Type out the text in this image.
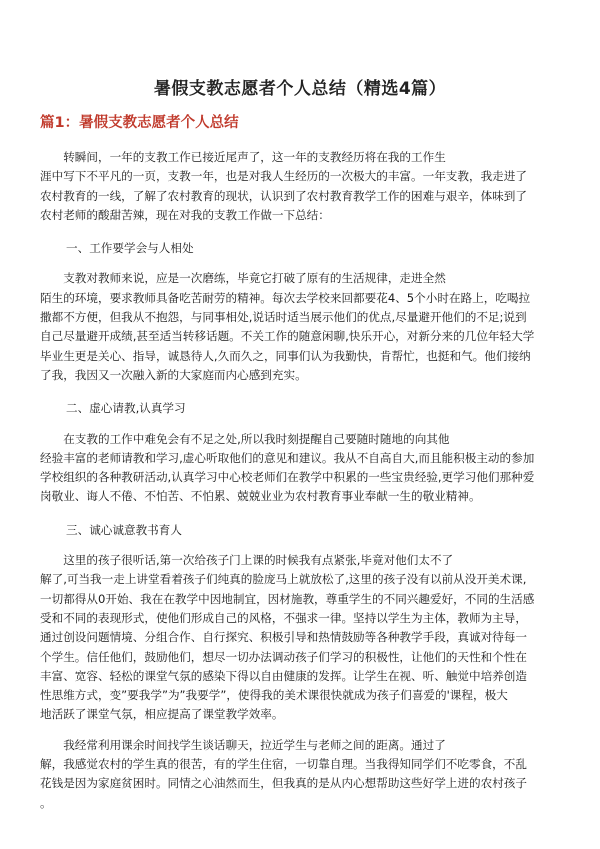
暑假支教志愿者个人总结（精选4篇）
篇1：暑假支教志愿者个人总结

　　转瞬间，一年的支教工作已接近尾声了，这一年的支教经历将在我的工作生
涯中写下不平凡的一页，支教一年，也是对我人生经历的一次极大的丰富。一年支教，我走进了
农村教育的一线，了解了农村教育的现状，认识到了农村教育教学工作的困难与艰辛，体味到了
农村老师的酸甜苦辣，现在对我的支教工作做一下总结：

一、工作要学会与人相处

　　支教对教师来说，应是一次磨练，毕竟它打破了原有的生活规律，走进全然
陌生的环境，要求教师具备吃苦耐劳的精神。每次去学校来回都要花4、5个小时在路上，吃喝拉
撒都不方便，但我从不抱怨，与同事相处,说话时适当展示他们的优点,尽量避开他们的不足;说到
自己尽量避开成绩,甚至适当转移话题。不关工作的随意闲聊,快乐开心，对新分来的几位年轻大学
毕业生更是关心、指导，诚恳待人,久而久之，同事们认为我勤快，肯帮忙，也挺和气。他们接纳
了我，我因又一次融入新的大家庭而内心感到充实。

二、虚心请教,认真学习

　　在支教的工作中难免会有不足之处,所以我时刻提醒自己要随时随地的向其他
经验丰富的老师请教和学习,虚心听取他们的意见和建议。我从不自高自大,而且能积极主动的参加
学校组织的各种教研活动,认真学习中心校老师们在教学中积累的一些宝贵经验,更学习他们那种爱
岗敬业、诲人不倦、不怕苦、不怕累、兢兢业业为农村教育事业奉献一生的敬业精神。

三、诚心诚意教书育人

　　这里的孩子很听话,第一次给孩子门上课的时候我有点紧张,毕竟对他们太不了
解了,可当我一走上讲堂看着孩子们纯真的脸庞马上就放松了,这里的孩子没有以前从没开美术课,
一切都得从0开始、我在在教学中因地制宜，因材施教，尊重学生的不同兴趣爱好，不同的生活感
受和不同的表现形式，使他们形成自己的风格，不强求一律。坚持以学生为主体，教师为主导，
通过创设问题情境、分组合作、自行探究、积极引导和热情鼓励等各种教学手段，真诚对待每一
个学生。信任他们，鼓励他们，想尽一切办法调动孩子们学习的积极性，让他们的天性和个性在
丰富、宽容、轻松的课堂气氛的感染下得以自由健康的发挥。让学生在视、听、触觉中培养创造
性思维方式，变”要我学”为”我要学”，使得我的美术课很快就成为孩子们喜爱的'课程，极大
地活跃了课堂气氛，相应提高了课堂教学效率。

　　我经常利用课余时间找学生谈话聊天，拉近学生与老师之间的距离。通过了
解，我感觉农村的学生真的很苦，有的学生住宿，一切靠自理。当我得知同学们不吃零食，不乱
花钱是因为家庭贫困时。同情之心油然而生，但我真的是从内心想帮助这些好学上进的农村孩子
。
